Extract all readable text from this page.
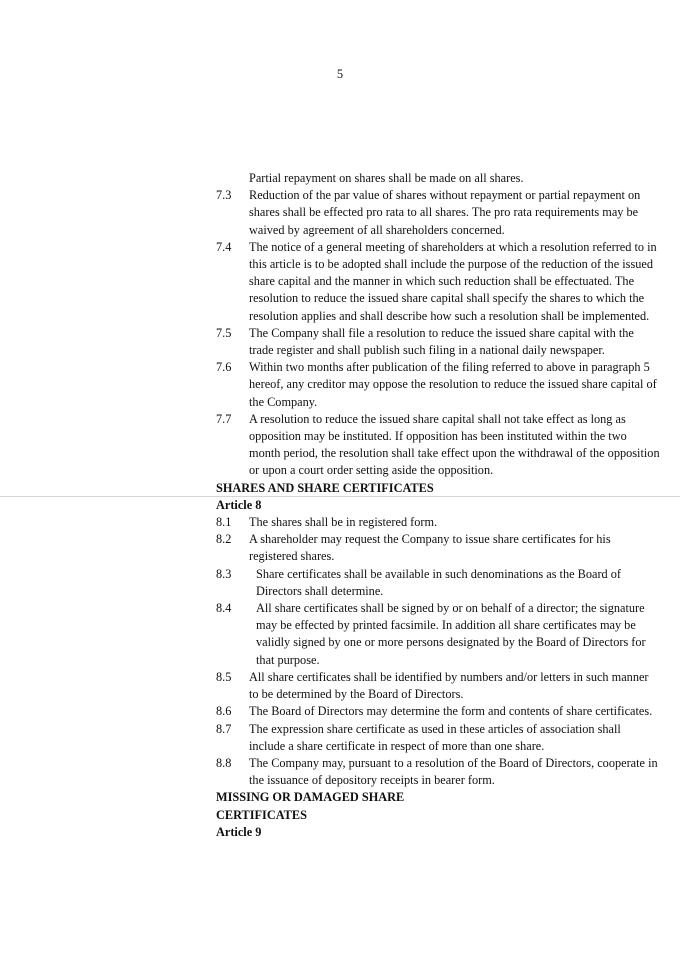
5
Partial repayment on shares shall be made on all shares.
7.3	Reduction of the par value of shares without repayment or partial repayment on shares shall be effected pro rata to all shares. The pro rata requirements may be waived by agreement of all shareholders concerned.
7.4	The notice of a general meeting of shareholders at which a resolution referred to in this article is to be adopted shall include the purpose of the reduction of the issued share capital and the manner in which such reduction shall be effectuated. The resolution to reduce the issued share capital shall specify the shares to which the resolution applies and shall describe how such a resolution shall be implemented.
7.5	The Company shall file a resolution to reduce the issued share capital with the trade register and shall publish such filing in a national daily newspaper.
7.6	Within two months after publication of the filing referred to above in paragraph 5 hereof, any creditor may oppose the resolution to reduce the issued share capital of the Company.
7.7	A resolution to reduce the issued share capital shall not take effect as long as opposition may be instituted. If opposition has been instituted within the two month period, the resolution shall take effect upon the withdrawal of the opposition or upon a court order setting aside the opposition.
SHARES AND SHARE CERTIFICATES
Article 8
8.1	The shares shall be in registered form.
8.2	A shareholder may request the Company to issue share certificates for his registered shares.
8.3	Share certificates shall be available in such denominations as the Board of Directors shall determine.
8.4	All share certificates shall be signed by or on behalf of a director; the signature may be effected by printed facsimile. In addition all share certificates may be validly signed by one or more persons designated by the Board of Directors for that purpose.
8.5	All share certificates shall be identified by numbers and/or letters in such manner to be determined by the Board of Directors.
8.6	The Board of Directors may determine the form and contents of share certificates.
8.7	The expression share certificate as used in these articles of association shall include a share certificate in respect of more than one share.
8.8	The Company may, pursuant to a resolution of the Board of Directors, cooperate in the issuance of depository receipts in bearer form.
MISSING OR DAMAGED SHARE
CERTIFICATES
Article 9
